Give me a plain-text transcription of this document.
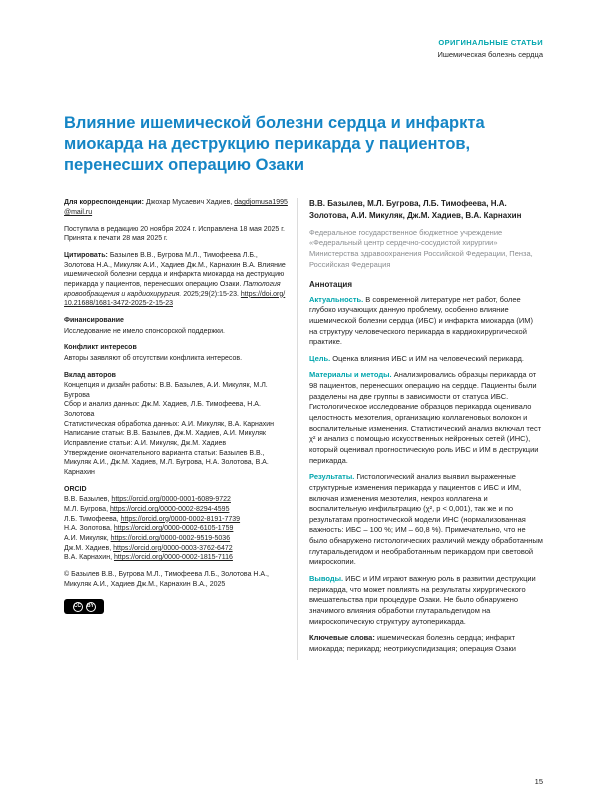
ОРИГИНАЛЬНЫЕ СТАТЬИ
Ишемическая болезнь сердца
Влияние ишемической болезни сердца и инфаркта миокарда на деструкцию перикарда у пациентов, перенесших операцию Озаки

Для корреспонденции: Джохар Мусаевич Хадиев, dagdjomusa1995@mail.ru

Поступила в редакцию 20 ноября 2024 г. Исправлена 18 мая 2025 г. Принята к печати 28 мая 2025 г.

Цитировать: Базылев В.В., Бугрова М.Л., Тимофеева Л.Б., Золотова Н.А., Микуляк А.И., Хадиев Дж.М., Карнахин В.А. Влияние ишемической болезни сердца и инфаркта миокарда на деструкцию перикарда у пациентов, перенесших операцию Озаки. Патология кровообращения и кардиохирургия. 2025;29(2):15-23. https://doi.org/10.21688/1681-3472-2025-2-15-23

Финансирование

Исследование не имело спонсорской поддержки.

Конфликт интересов

Авторы заявляют об отсутствии конфликта интересов.

Вклад авторов

Концепция и дизайн работы: В.В. Базылев, А.И. Микуляк, М.Л. Бугрова

Сбор и анализ данных: Дж.М. Хадиев, Л.Б. Тимофеева, Н.А. Золотова

Статистическая обработка данных: А.И. Микуляк, В.А. Карнахин

Написание статьи: В.В. Базылев, Дж.М. Хадиев, А.И. Микуляк

Исправление статьи: А.И. Микуляк, Дж.М. Хадиев

Утверждение окончательного варианта статьи: Базылев В.В., Микуляк А.И., Дж.М. Хадиев, М.Л. Бугрова, Н.А. Золотова, В.А. Карнахин

ORCID

В.В. Базылев, https://orcid.org/0000-0001-6089-9722

М.Л. Бугрова, https://orcid.org/0000-0002-8294-4595

Л.Б. Тимофеева, https://orcid.org/0000-0002-8191-7739

Н.А. Золотова, https://orcid.org/0000-0002-6105-1759

А.И. Микуляк, https://orcid.org/0000-0002-9519-5036

Дж.М. Хадиев, https://orcid.org/0000-0003-3762-6472

В.А. Карнахин, https://orcid.org/0000-0002-1815-7116

© Базылев В.В., Бугрова М.Л., Тимофеева Л.Б., Золотова Н.А., Микуляк А.И., Хадиев Дж.М., Карнахин В.А., 2025

CC	BY

В.В. Базылев, М.Л. Бугрова, Л.Б. Тимофеева, Н.А. Золотова, А.И. Микуляк, Дж.М. Хадиев, В.А. Карнахин

Федеральное государственное бюджетное учреждение «Федеральный центр сердечно-сосудистой хирургии» Министерства здравоохранения Российской Федерации, Пенза, Российская Федерация

Аннотация

Актуальность. В современной литературе нет работ, более глубоко изучающих данную проблему, особенно влияние ишемической болезни сердца (ИБС) и инфаркта миокарда (ИМ) на структуру человеческого перикарда в кардиохирургической практике.

Цель. Оценка влияния ИБС и ИМ на человеческий перикард.

Материалы и методы. Анализировались образцы перикарда от 98 пациентов, перенесших операцию на сердце. Пациенты были разделены на две группы в зависимости от статуса ИБС. Гистологическое исследование образцов перикарда оценивало целостность мезотелия, организацию коллагеновых волокон и воспалительные изменения. Статистический анализ включал тест χ² и анализ с помощью искусственных нейронных сетей (ИНС), который оценивал прогностическую роль ИБС и ИМ в деструкции перикарда.

Результаты. Гистологический анализ выявил выраженные структурные изменения перикарда у пациентов с ИБС и ИМ, включая изменения мезотелия, некроз коллагена и воспалительную инфильтрацию (χ², p < 0,001), так же и по результатам прогностической модели ИНС (нормализованная важность: ИБС – 100 %; ИМ – 60,8 %). Примечательно, что не было обнаружено гистологических различий между обработанным глутаральдегидом и необработанным перикардом при световой микроскопии.

Выводы. ИБС и ИМ играют важную роль в развитии деструкции перикарда, что может повлиять на результаты хирургического вмешательства при процедуре Озаки. Не было обнаружено значимого влияния обработки глутаральдегидом на микроскопическую структуру аутоперикарда.

Ключевые слова: ишемическая болезнь сердца; инфаркт миокарда; перикард; неотрикуспидизация; операция Озаки

15
